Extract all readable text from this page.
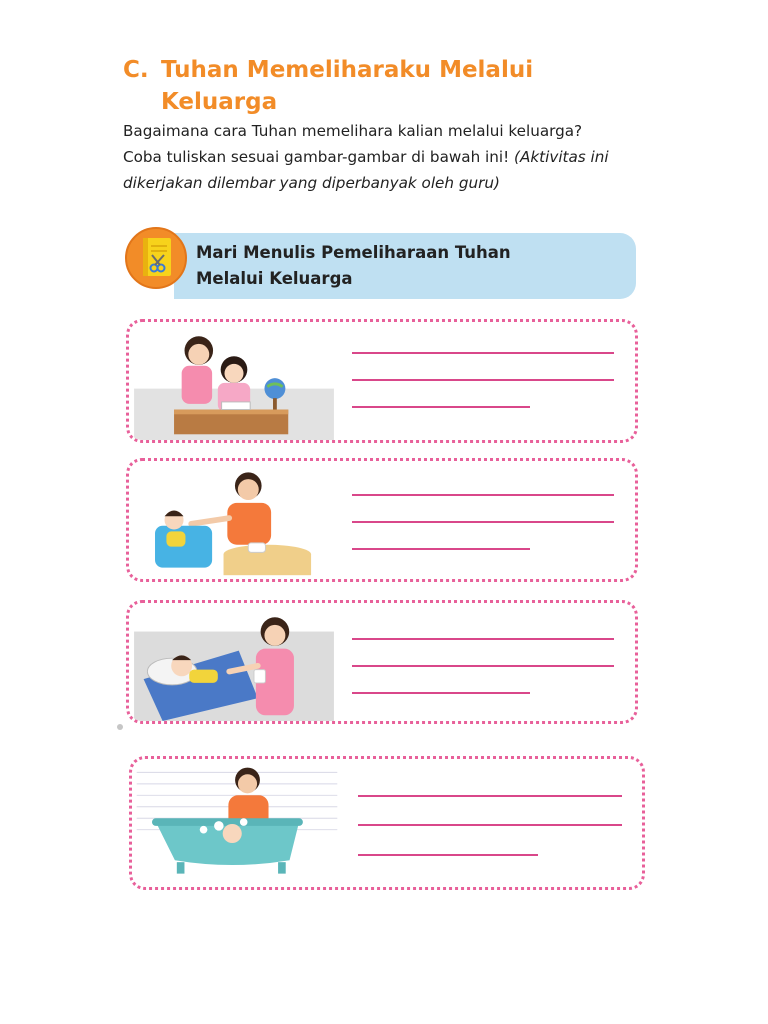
C. Tuhan Memeliharaku Melalui
Keluarga

Bagaimana cara Tuhan memelihara kalian melalui keluarga? Coba tuliskan sesuai gambar-gambar di bawah ini! (Aktivitas ini dikerjakan dilembar yang diperbanyak oleh guru)

Mari Menulis Pemeliharaan Tuhan
Melalui Keluarga
